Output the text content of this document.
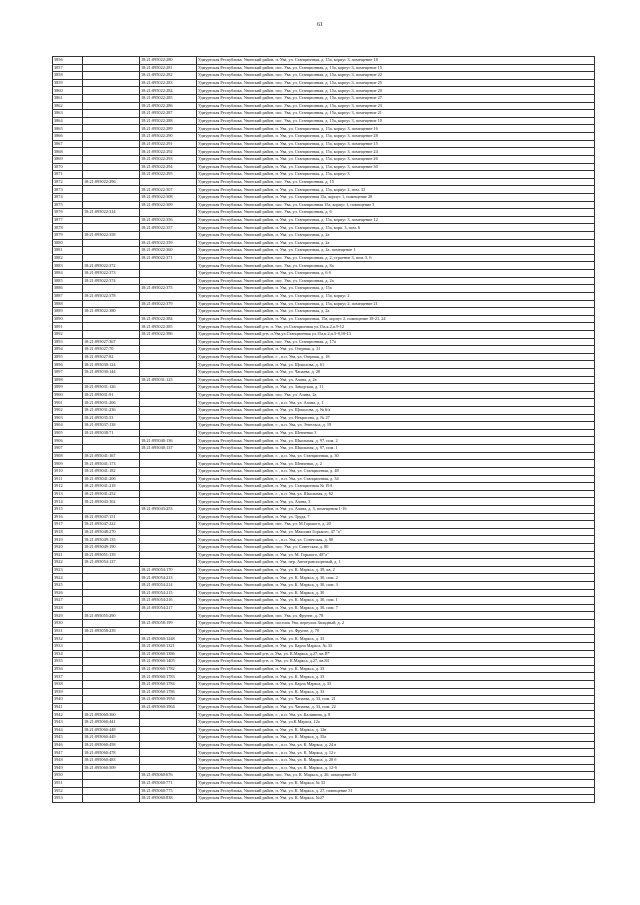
61
3856		18:21:095022:280	Удмуртская Республика, Увинский район, п. Ува, ул. Станционная, д. 15а, корпус 3, помещение 18
3857		18:21:095022:281	Удмуртская Республика, Увинский район, пос. Ува, ул. Станционная, д. 15а, корпус 3, помещение 15
3858		18:21:095022:282	Удмуртская Республика, Увинский район, пос. Ува, ул. Станционная, д. 15а, корпус 3, помещение 22
3859		18:21:095022:283	Удмуртская Республика, Увинский район, пос. Ува, ул. Станционная, д. 15а, корпус 3, помещение 25
3860		18:21:095022:284	Удмуртская Республика, Увинский район, пос. Ува, ул. Станционная, д. 15а, корпус 3, помещение 20
3861		18:21:095022:285	Удмуртская Республика, Увинский район, пос. Ува, ул. Станционная, д. 15а, корпус 3, помещение 27
3862		18:21:095022:286	Удмуртская Республика, Увинский район, пос. Ува, ул. Станционная, д. 15а, корпус 3, помещение 23
3863		18:21:095022:287	Удмуртская Республика, Увинский район, пос. Ува, ул. Станционная, д. 15а, корпус 3, помещение 21
3864		18:21:095022:288	Удмуртская Республика, Увинский район, пос. Ува, ул. Станционная, д. 15а, корпус 3, помещение 10
3865		18:21:095022:289	Удмуртская Республика, Увинский район, п. Ува, ул. Станционная, д. 15а, корпус 3, помещение 16
3866		18:21:095022:290	Удмуртская Республика, Увинский район, п. Ува, ул. Станционная, д. 15а, корпус 3, помещение 28
3867		18:21:095022:291	Удмуртская Республика, Увинский район, п. Ува, ул. Станционная, д. 15а, корпус 3, помещение 15
3868		18:21:095022:292	Удмуртская Республика, Увинский район, п. Ува, ул. Станционная, д. 15а, корпус 3, помещение 24
3869		18:21:095022:293	Удмуртская Республика, Увинский район, п. Ува, ул. Станционная, д. 15а, корпус 3, помещение 26
3870		18:21:095022:294	Удмуртская Республика, Увинский район, п. Ува, ул. Станционная, д. 15а, корпус 3, помещение 30
3871		18:21:095022:295	Удмуртская Республика, Увинский район, п. Ува, ул. Станционная, д. 15а, корпус 3
3872	18:21:095022:296		Удмуртская Республика, Увинский район, пос. Ува, ул. Станционная, д. 15
3873		18:21:095022:307	Удмуртская Республика, Увинский район, п. Ува, ул. Станционная, д. 15а, корпус 2, пом. 33
3874		18:21:095022:308	Удмуртская Республика, Увинский район, п. Ува, ул. Станционная 15а, корпус 1, помещение 28
3875		18:21:095022:309	Удмуртская Республика, Увинский район, пос. Ува, ул. Станционная 15а, корпус 1, помещение 3
3876	18:21:095022:314		Удмуртская Республика, Увинский район, пос. Ува, ул. Станционная, д. 6
3877		18:21:095022:356	Удмуртская Республика, Увинский район, п. Ува, ул. Станционная, д. 15а, корпус 3, помещение 12
3878		18:21:095022:357	Удмуртская Республика, Увинский район, п. Ува, ул. Станционная, д. 15а, корп. 3, пом. 6
3879	18:21:095022:358		Удмуртская Республика, Увинский район, п. Ува, ул. Станционная, д. 2а
3880		18:21:095022:359	Удмуртская Республика, Увинский район, п. Ува, ул. Станционная, д. 2а
3881		18:21:095022:360	Удмуртская Республика, Увинский район, п. Ува, ул. Станционная, д. 2а, помещение 1
3882		18:21:095022:371	Удмуртская Республика, Увинский район, пос. Ува, ул. Станционная, д. 2, строение 3, пом. 5, 6
3883	18:21:095022:372		Удмуртская Республика, Увинский район, пос. Ува, ул. Станционная, д. 8а
3884	18:21:095022:373		Удмуртская Республика, Увинский район, п. Ува, ул. Станционная, д. 6 б
3885	18:21:095022:374		Удмуртская Республика, Увинский район, пос. Ува, ул. Станционная, д. 2а
3886		18:21:095022:375	Удмуртская Республика, Увинский район, п. Ува, ул. Станционная, д. 15а
3887	18:21:095022:378		Удмуртская Республика, Увинский район, п. Ува, ул. Станционная, д. 15а, корпус 2
3888		18:21:095022:379	Удмуртская Республика, Увинский район, п. Ува, ул. Станционная, д. 15а, корпус 2, помещение 21
3889	18:21:095022:380		Удмуртская Республика, Увинский район, п. Ува, ул. Станционная, д. 2а
3890		18:21:095022:384	Удмуртская Республика, Увинский район, п. Ува, ул. Станционная, 15а, корпус 2, помещение 18-21, 24
3891		18:21:095022:385	Удмуртская Республика, Увинский р-н, п. Ува, ул.Станционная ул.15а,к.2,п.9-12
3892		18:21:095022:386	Удмуртская Республика, Увинский р-н, п.Ува,ул.Станционная ул.15а,к.2,п.5-8,10-13
3893	18:21:095027:367		Удмуртская Республика, Увинский район, пос. Ува, ул. Станционная, д. 17а
3894	18:21:095027:70		Удмуртская Республика, Увинский район, п. Ува, ул. Озерная, д. 21
3895	18:21:095027:82		Удмуртская Республика, Увинский район, г. , п.п. Ува, ул. Озерная, д. 18
3896	18:21:095030:124		Удмуртская Республика, Увинский район, п. Ува, ул. Щоколова, д. 61
3897	18:21:095030:144		Удмуртская Республика, Увинский район, п. Ува, ул. Чапаева, д. 28
3898		18:21:095031:125	Удмуртская Республика, Увинский район, п. Ува, ул. Азина, д. 2а
3899	18:21:095031:126		Удмуртская Республика, Увинский район, п. Ува, ул. Заводская, д. 11
3900	18:21:095031:91		Удмуртская Республика, Увинский район, пос. Ува, ул. Азина, 2а
3901	18:21:095031:206		Удмуртская Республика, Увинский район, г. , п.п. Ува, ул. Азина, д. 1
3902	18:21:095031:236		Удмуртская Республика, Увинский район, п. Ува, ул. Щоколова, д. № 6/а
3903	18:21:095035:53		Удмуртская Республика, Увинский район, п. Ува, ул. Некрасова, д. № 27
3904	18:21:095037:138		Удмуртская Республика, Увинский район, г. , п.п. Ува, ул. Энгельса, д. 19
3905	18:21:095038:71		Удмуртская Республика, Увинский район, п. Ува, ул. Шевченко 3
3906		18:21:095040:136	Удмуртская Республика, Увинский район, п. Ува, ул. Школьная, д. 97, пом. 2
3907		18:21:095040:137	Удмуртская Республика, Увинский район, п. Ува, ул. Школьная, д. 97, пом. 1
3908	18:21:095041:167		Удмуртская Республика, Увинский район, г. , п.п. Ува, ул. Станционная, д. 30
3909	18:21:095041:173		Удмуртская Республика, Увинский район, п. Ува, ул. Шевченко, д. 2
3910	18:21:095041:182		Удмуртская Республика, Увинский район, г. , п.п. Ува, ул. Станционная, д. 48
3911	18:21:095041:206		Удмуртская Республика, Увинский район, г. , п.п. Ува, ул. Станционная, д. 34
3912	18:21:095041:218		Удмуртская Республика, Увинский район, п. Ува, ул. Станционная № 19А
3913	18:21:095041:252		Удмуртская Республика, Увинский район, г. , п.п. Ува, ул. Школьная, д. 62
3914	18:21:095043:102		Удмуртская Республика, Увинский район, п. Ува, ул. Азина, 3
3915		18:21:095043:253	Удмуртская Республика, Увинский район, п. Ува, ул. Азина, д. 3, помещения 1-16
3916	18:21:095047:151		Удмуртская Республика, Увинский район, п. Ува, ул. Труда, 7
3917	18:21:095047:222		Удмуртская Республика, Увинский район, пос. Ува, ул. М.Горького, д. 20
3918	18:21:095048:270		Удмуртская Республика, Увинский район, п. Ува, ул. Максима Горького, 47 "а"
3919	18:21:095049:135		Удмуртская Республика, Увинский район, г. , п.п. Ува, ул. Советская, д. 80
3920	18:21:095049:190		Удмуртская Республика, Увинский район, пос. Ува, ул. Советская, д. 80
3921	18:21:095051:139		Удмуртская Республика, Увинский район, п. Ува, ул. М. Горького, 48"а"
3922	18:21:095054:127		Удмуртская Республика, Увинский район, п. Ува, пер. Автотранспортный, д. 1
3923		18:21:095054:170	Удмуртская Республика, Увинский район, п. Ува, ул. К. Маркса, д. 39, кв. 2
3924		18:21:095054:213	Удмуртская Республика, Увинский район, п. Ува, ул. К. Маркса, д. 30, пом. 2
3925		18:21:095054:214	Удмуртская Республика, Увинский район, п. Ува, ул. К. Маркса, д. 30, пом. 3
3926		18:21:095054:215	Удмуртская Республика, Увинский район, п. Ува, ул. К. Маркса, д. 30
3927		18:21:095054:216	Удмуртская Республика, Увинский район, п. Ува, ул. К. Маркса, д. 30, пом. 1
3928		18:21:095054:217	Удмуртская Республика, Увинский район, п. Ува, ул. К. Маркса, д. 30, пом. 7
3929	18:21:095055:290		Удмуртская Республика, Увинский район, пос. Ува, ул. Фрунзе, д. 78
3930		18:21:095058:199	Удмуртская Республика, Увинский район, поселок Ува, переулок Западный, д. 2
3931	18:21:095058:239		Удмуртская Республика, Увинский район, п. Ува, ул. Фрунзе, д. 70
3932		18:21:095060:1248	Удмуртская Республика, Увинский район, п. Ува, ул. К. Маркса, д. 33
3933		18:21:095060:1321	Удмуртская Республика, Увинский район, п. Ува, ул. Карла Маркса, № 33
3934		18:21:095060:1386	Удмуртская Республика, Увинский р-н, п. Ува, ул. К.Маркса, д.27, кв.П*
3935		18:21:095060:1405	Удмуртская Республика, Увинский р-н, п. Ува, ул. К.Маркса, д.27, кв.84
3936		18:21:095060:1782	Удмуртская Республика, Увинский район, п. Ува, ул. К. Маркса, д. 33
3937		18:21:095060:1783	Удмуртская Республика, Увинский район, п. Ува, ул. К. Маркса, д. 33
3938		18:21:095060:1784	Удмуртская Республика, Увинский район, п. Ува, ул. Карла Маркса, д. 33
3939		18:21:095060:1786	Удмуртская Республика, Увинский район, п. Ува, ул. К. Маркса, д. 33
3940		18:21:095060:1954	Удмуртская Республика, Увинский район, п. Ува, ул. Чапаева, д. 33, пом. 21
3941		18:21:095060:1964	Удмуртская Республика, Увинский район, п. Ува, ул. Чапаева, д. 33, пом. 22
3942	18:21:095060:360		Удмуртская Республика, Увинский район, г. , п.п. Ува, ул. Калинина, д. 8
3943	18:21:095060:441		Удмуртская Республика, Увинский район, п. Ува, ул.К.Маркса, 12а
3944	18:21:095060:448		Удмуртская Республика, Увинский район, п. Ува, ул. К. Маркса, д. 12в
3945	18:21:095060:449		Удмуртская Республика, Увинский район, п. Ува, ул. К. Маркса, д. 35а
3946	18:21:095060:458		Удмуртская Республика, Увинский район, г. , п.п. Ува, ул. К. Маркса, д. 24 в
3947	18:21:095060:478		Удмуртская Республика, Увинский район, г. , п.п. Ува, ул. К. Маркса, д. 12 г
3948	18:21:095060:483		Удмуртская Республика, Увинский район, г. , п.п. Ува, ул. К. Маркса, д. 20 б
3949	18:21:095060:509		Удмуртская Республика, Увинский район, г. , п.п. Ува, ул. К. Маркса, д. 12-б
3950		18:21:095060:676	Удмуртская Республика, Увинский район, пос. Ува, ул. К. Маркса, д. 26, помещение 51
3951		18:21:095060:771	Удмуртская Республика, Увинский район, п. Ува, ул. К. Маркса, № 33
3952		18:21:095060:775	Удмуртская Республика, Увинский район, п. Ува, ул. К. Маркса, д. 27, помещение 51
3953		18:21:095060:838	Удмуртская Республика, Увинский район, п. Ува, ул. К. Маркса, №27
